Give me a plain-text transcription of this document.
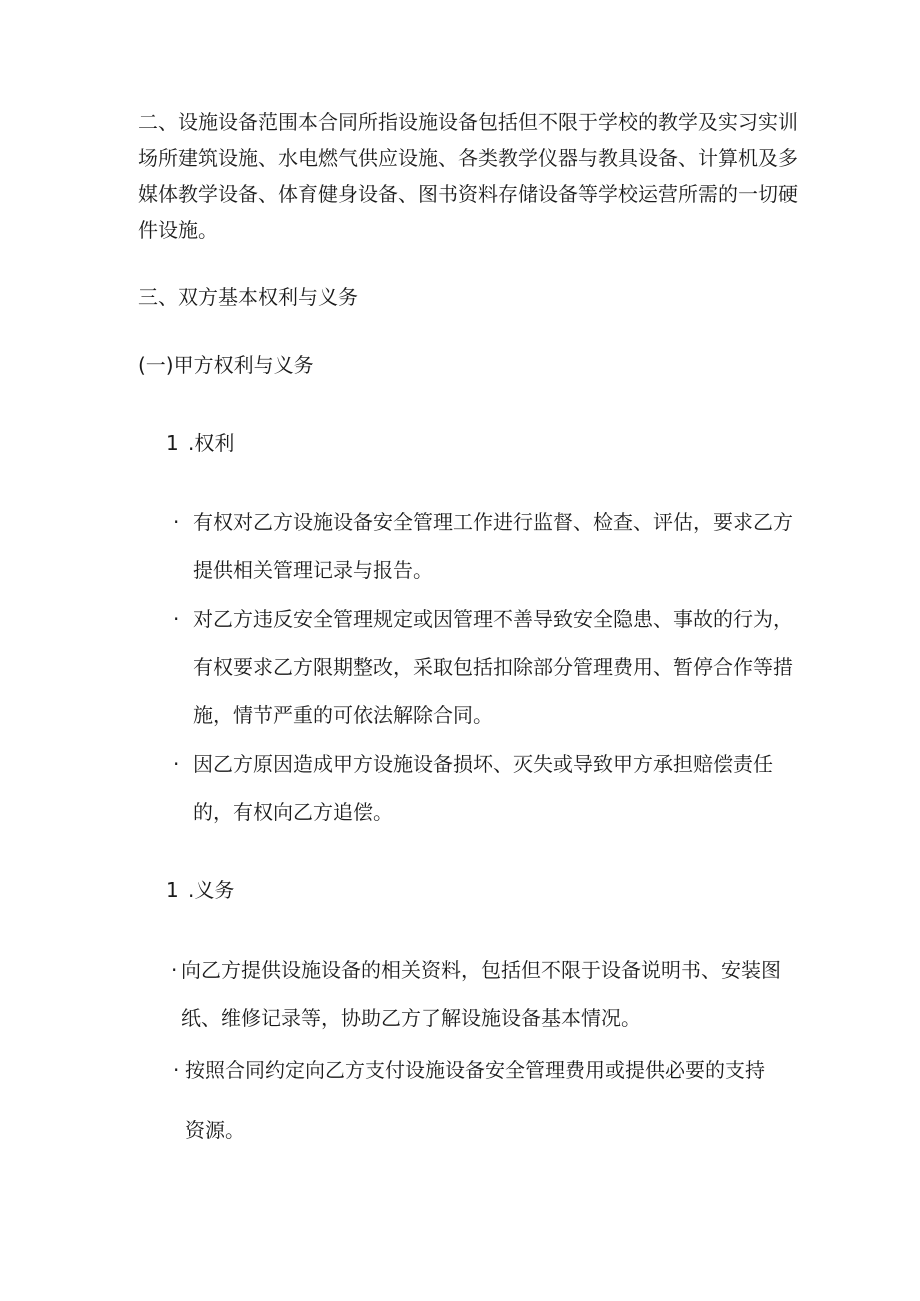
二、设施设备范围本合同所指设施设备包括但不限于学校的教学及实习实训场所建筑设施、水电燃气供应设施、各类教学仪器与教具设备、计算机及多媒体教学设备、体育健身设备、图书资料存储设备等学校运营所需的一切硬件设施。

三、双方基本权利与义务

(一)甲方权利与义务

1 .权利

· 有权对乙方设施设备安全管理工作进行监督、检查、评估，要求乙方提供相关管理记录与报告。
· 对乙方违反安全管理规定或因管理不善导致安全隐患、事故的行为，有权要求乙方限期整改，采取包括扣除部分管理费用、暂停合作等措施，情节严重的可依法解除合同。
· 因乙方原因造成甲方设施设备损坏、灭失或导致甲方承担赔偿责任的，有权向乙方追偿。

1 .义务

· 向乙方提供设施设备的相关资料，包括但不限于设备说明书、安装图纸、维修记录等，协助乙方了解设施设备基本情况。
· 按照合同约定向乙方支付设施设备安全管理费用或提供必要的支持资源。
